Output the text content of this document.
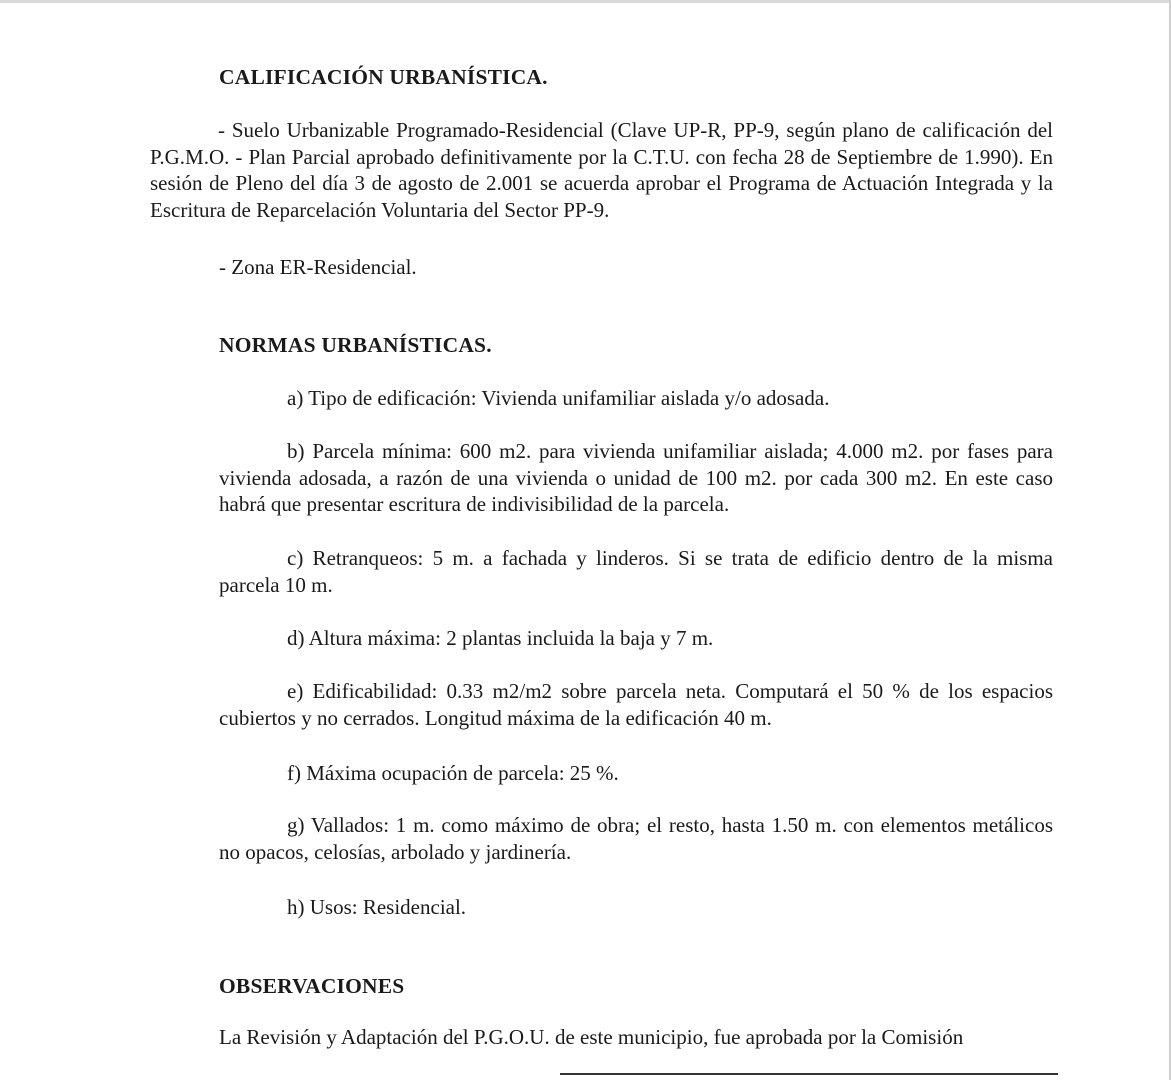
CALIFICACIÓN URBANÍSTICA.

- Suelo Urbanizable Programado-Residencial (Clave UP-R, PP-9, según plano de calificación del P.G.M.O. - Plan Parcial aprobado definitivamente por la C.T.U. con fecha 28 de Septiembre de 1.990). En sesión de Pleno del día 3 de agosto de 2.001 se acuerda aprobar el Programa de Actuación Integrada y la Escritura de Reparcelación Voluntaria del Sector PP-9.

- Zona ER-Residencial.

NORMAS URBANÍSTICAS.

a) Tipo de edificación: Vivienda unifamiliar aislada y/o adosada.

b) Parcela mínima: 600 m2. para vivienda unifamiliar aislada; 4.000 m2. por fases para vivienda adosada, a razón de una vivienda o unidad de 100 m2. por cada 300 m2. En este caso habrá que presentar escritura de indivisibilidad de la parcela.

c) Retranqueos: 5 m. a fachada y linderos. Si se trata de edificio dentro de la misma parcela 10 m.

d) Altura máxima: 2 plantas incluida la baja y 7 m.

e) Edificabilidad: 0.33 m2/m2 sobre parcela neta. Computará el 50 % de los espacios cubiertos y no cerrados. Longitud máxima de la edificación 40 m.

f) Máxima ocupación de parcela: 25 %.

g) Vallados: 1 m. como máximo de obra; el resto, hasta 1.50 m. con elementos metálicos no opacos, celosías, arbolado y jardinería.

h) Usos: Residencial.

OBSERVACIONES

La Revisión y Adaptación del P.G.O.U. de este municipio, fue aprobada por la Comisión
